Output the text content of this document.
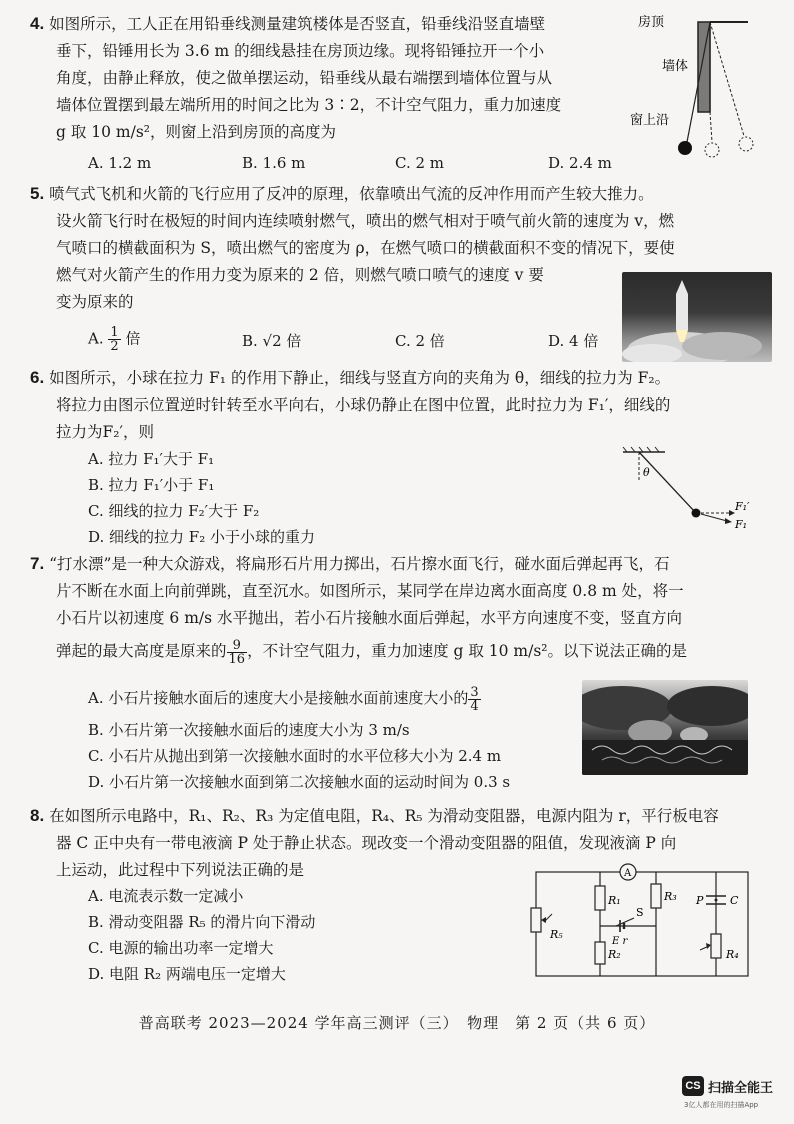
4. 如图所示，工人正在用铅垂线测量建筑楼体是否竖直，铅垂线沿竖直墙壁
垂下，铅锤用长为 3.6 m 的细线悬挂在房顶边缘。现将铅锤拉开一个小
角度，由静止释放，使之做单摆运动，铅垂线从最右端摆到墙体位置与从
墙体位置摆到最左端所用的时间之比为 3∶2，不计空气阻力，重力加速度
g 取 10 m/s²，则窗上沿到房顶的高度为
A. 1.2 m	B. 1.6 m	C. 2 m	D. 2.4 m
房顶
墙体
窗上沿
5. 喷气式飞机和火箭的飞行应用了反冲的原理，依靠喷出气流的反冲作用而产生较大推力。
设火箭飞行时在极短的时间内连续喷射燃气，喷出的燃气相对于喷气前火箭的速度为 v，燃
气喷口的横截面积为 S，喷出燃气的密度为 ρ，在燃气喷口的横截面积不变的情况下，要使
燃气对火箭产生的作用力变为原来的 2 倍，则燃气喷口喷气的速度 v 要
变为原来的
A. $\frac{1}{2}$ 倍	B. √2 倍	C. 2 倍	D. 4 倍
6. 如图所示，小球在拉力 F₁ 的作用下静止，细线与竖直方向的夹角为 θ，细线的拉力为 F₂。
将拉力由图示位置逆时针转至水平向右，小球仍静止在图中位置，此时拉力为 F₁′，细线的
拉力为F₂′，则
A. 拉力 F₁′大于 F₁
B. 拉力 F₁′小于 F₁
C. 细线的拉力 F₂′大于 F₂
D. 细线的拉力 F₂ 小于小球的重力
θ
F₁′
F₁
7. “打水漂”是一种大众游戏，将扁形石片用力掷出，石片擦水面飞行，碰水面后弹起再飞，石
片不断在水面上向前弹跳，直至沉水。如图所示，某同学在岸边离水面高度 0.8 m 处，将一
小石片以初速度 6 m/s 水平抛出，若小石片接触水面后弹起，水平方向速度不变，竖直方向
弹起的最大高度是原来的 $\frac{9}{16}$ ，不计空气阻力，重力加速度 g 取 10 m/s²。以下说法正确的是
A. 小石片接触水面后的速度大小是接触水面前速度大小的 $\frac{3}{4}$
B. 小石片第一次接触水面后的速度大小为 3 m/s
C. 小石片从抛出到第一次接触水面时的水平位移大小为 2.4 m
D. 小石片第一次接触水面到第二次接触水面的运动时间为 0.3 s
8. 在如图所示电路中，R₁、R₂、R₃ 为定值电阻，R₄、R₅ 为滑动变阻器，电源内阻为 r，平行板电容
器 C 正中央有一带电液滴 P 处于静止状态。现改变一个滑动变阻器的阻值，发现液滴 P 向
上运动，此过程中下列说法正确的是
A. 电流表示数一定减小
B. 滑动变阻器 R₅ 的滑片向下滑动
C. 电源的输出功率一定增大
D. 电阻 R₂ 两端电压一定增大
A
R₅
R₁
R₂
R₃
S
E r
P C
R₄
普高联考 2023—2024 学年高三测评（三）　物理　第 2 页（共 6 页）
CS 扫描全能王
3亿人都在用的扫描App
